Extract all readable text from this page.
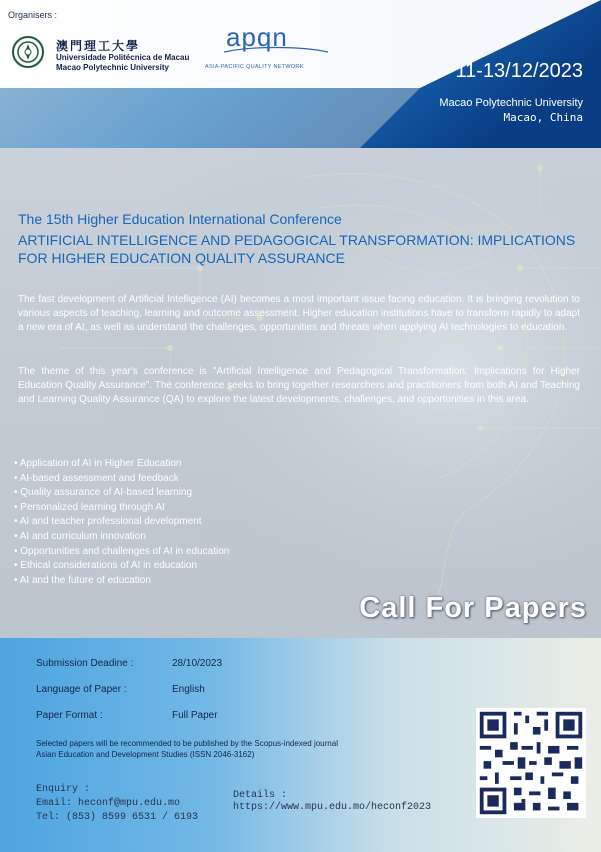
Organisers :
澳門理工大學
Universidade Politécnica de Macau
Macao Polytechnic University
apqn
ASIA-PACIFIC QUALITY NETWORK	11-13/12/2023
Macao Polytechnic University
Macao, China
The 15th Higher Education International Conference
ARTIFICIAL INTELLIGENCE AND PEDAGOGICAL TRANSFORMATION: IMPLICATIONS FOR HIGHER EDUCATION QUALITY ASSURANCE
The fast development of Artificial Intelligence (AI) becomes a most important issue facing education. It is bringing revolution to various aspects of teaching, learning and outcome assessment. Higher education institutions have to transform rapidly to adapt a new era of AI, as well as understand the challenges, opportunities and threats when applying AI technologies to education.
The theme of this year's conference is "Artificial Intelligence and Pedagogical Transformation: Implications for Higher Education Quality Assurance". The conference seeks to bring together researchers and practitioners from both AI and Teaching and Learning Quality Assurance (QA) to explore the latest developments, challenges, and opportunities in this area.
• Application of AI in Higher Education
• AI-based assessment and feedback
• Quality assurance of AI-based learning
• Personalized learning through AI
• AI and teacher professional development
• AI and curriculum innovation
• Opportunities and challenges of AI in education
• Ethical considerations of AI in education
• AI and the future of education
Call For Papers
Submission Deadine :	28/10/2023
Language of Paper :	English
Paper Format :	Full Paper
Selected papers will be recommended to be published by the Scopus-indexed journal
Asian Education and Development Studies (ISSN 2046-3162)
Enquiry :
Email: heconf@mpu.edu.mo
Tel: (853) 8599 6531 / 6193
Details :
https://www.mpu.edu.mo/heconf2023
